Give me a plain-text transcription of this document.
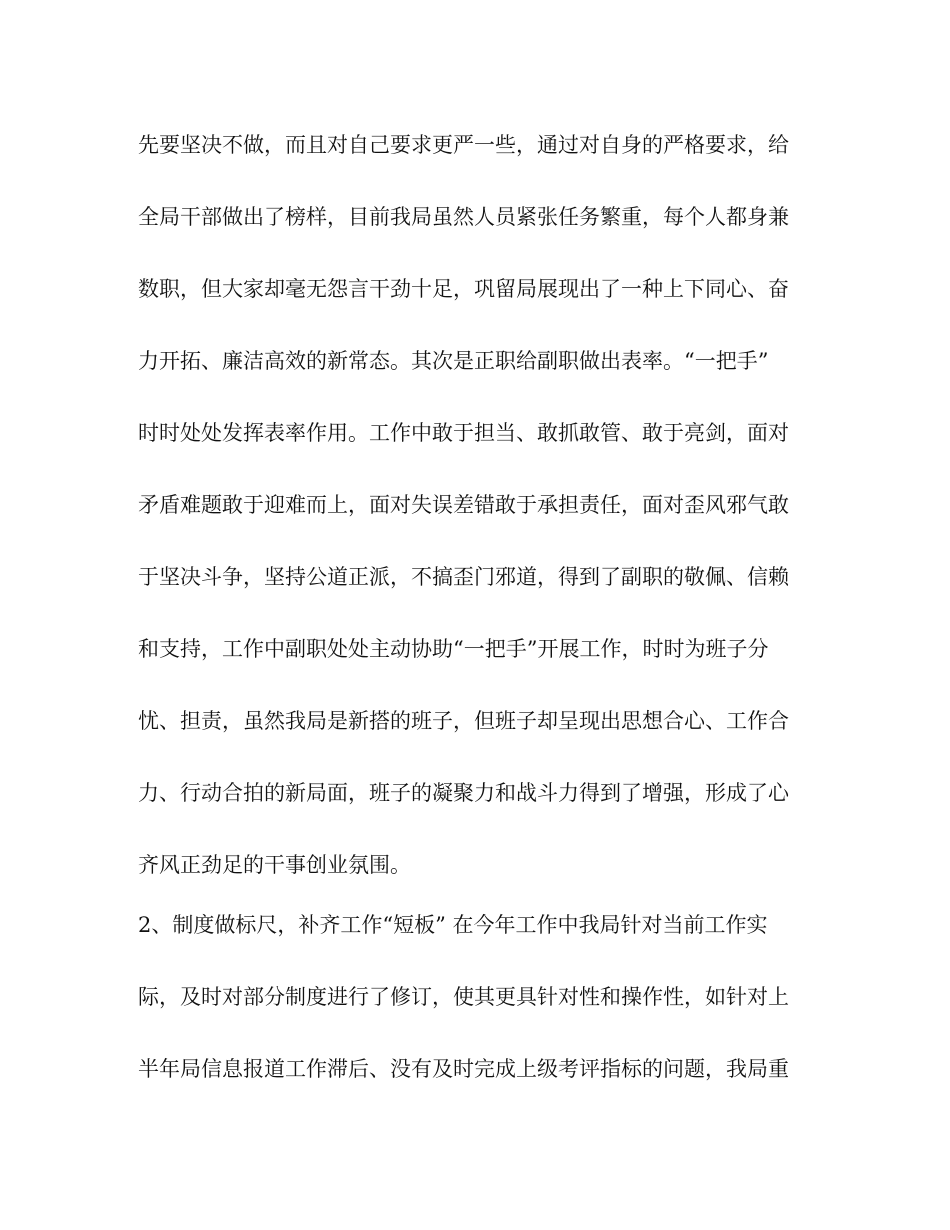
先要坚决不做，而且对自己要求更严一些，通过对自身的严格要求，给
全局干部做出了榜样，目前我局虽然人员紧张任务繁重，每个人都身兼
数职，但大家却毫无怨言干劲十足，巩留局展现出了一种上下同心、奋
力开拓、廉洁高效的新常态。其次是正职给副职做出表率。“一把手”
时时处处发挥表率作用。工作中敢于担当、敢抓敢管、敢于亮剑，面对
矛盾难题敢于迎难而上，面对失误差错敢于承担责任，面对歪风邪气敢
于坚决斗争，坚持公道正派，不搞歪门邪道，得到了副职的敬佩、信赖
和支持，工作中副职处处主动协助“一把手”开展工作，时时为班子分
忧、担责，虽然我局是新搭的班子，但班子却呈现出思想合心、工作合
力、行动合拍的新局面，班子的凝聚力和战斗力得到了增强，形成了心
齐风正劲足的干事创业氛围。
2、制度做标尺，补齐工作“短板” 在今年工作中我局针对当前工作实
际，及时对部分制度进行了修订，使其更具针对性和操作性，如针对上
半年局信息报道工作滞后、没有及时完成上级考评指标的问题，我局重
